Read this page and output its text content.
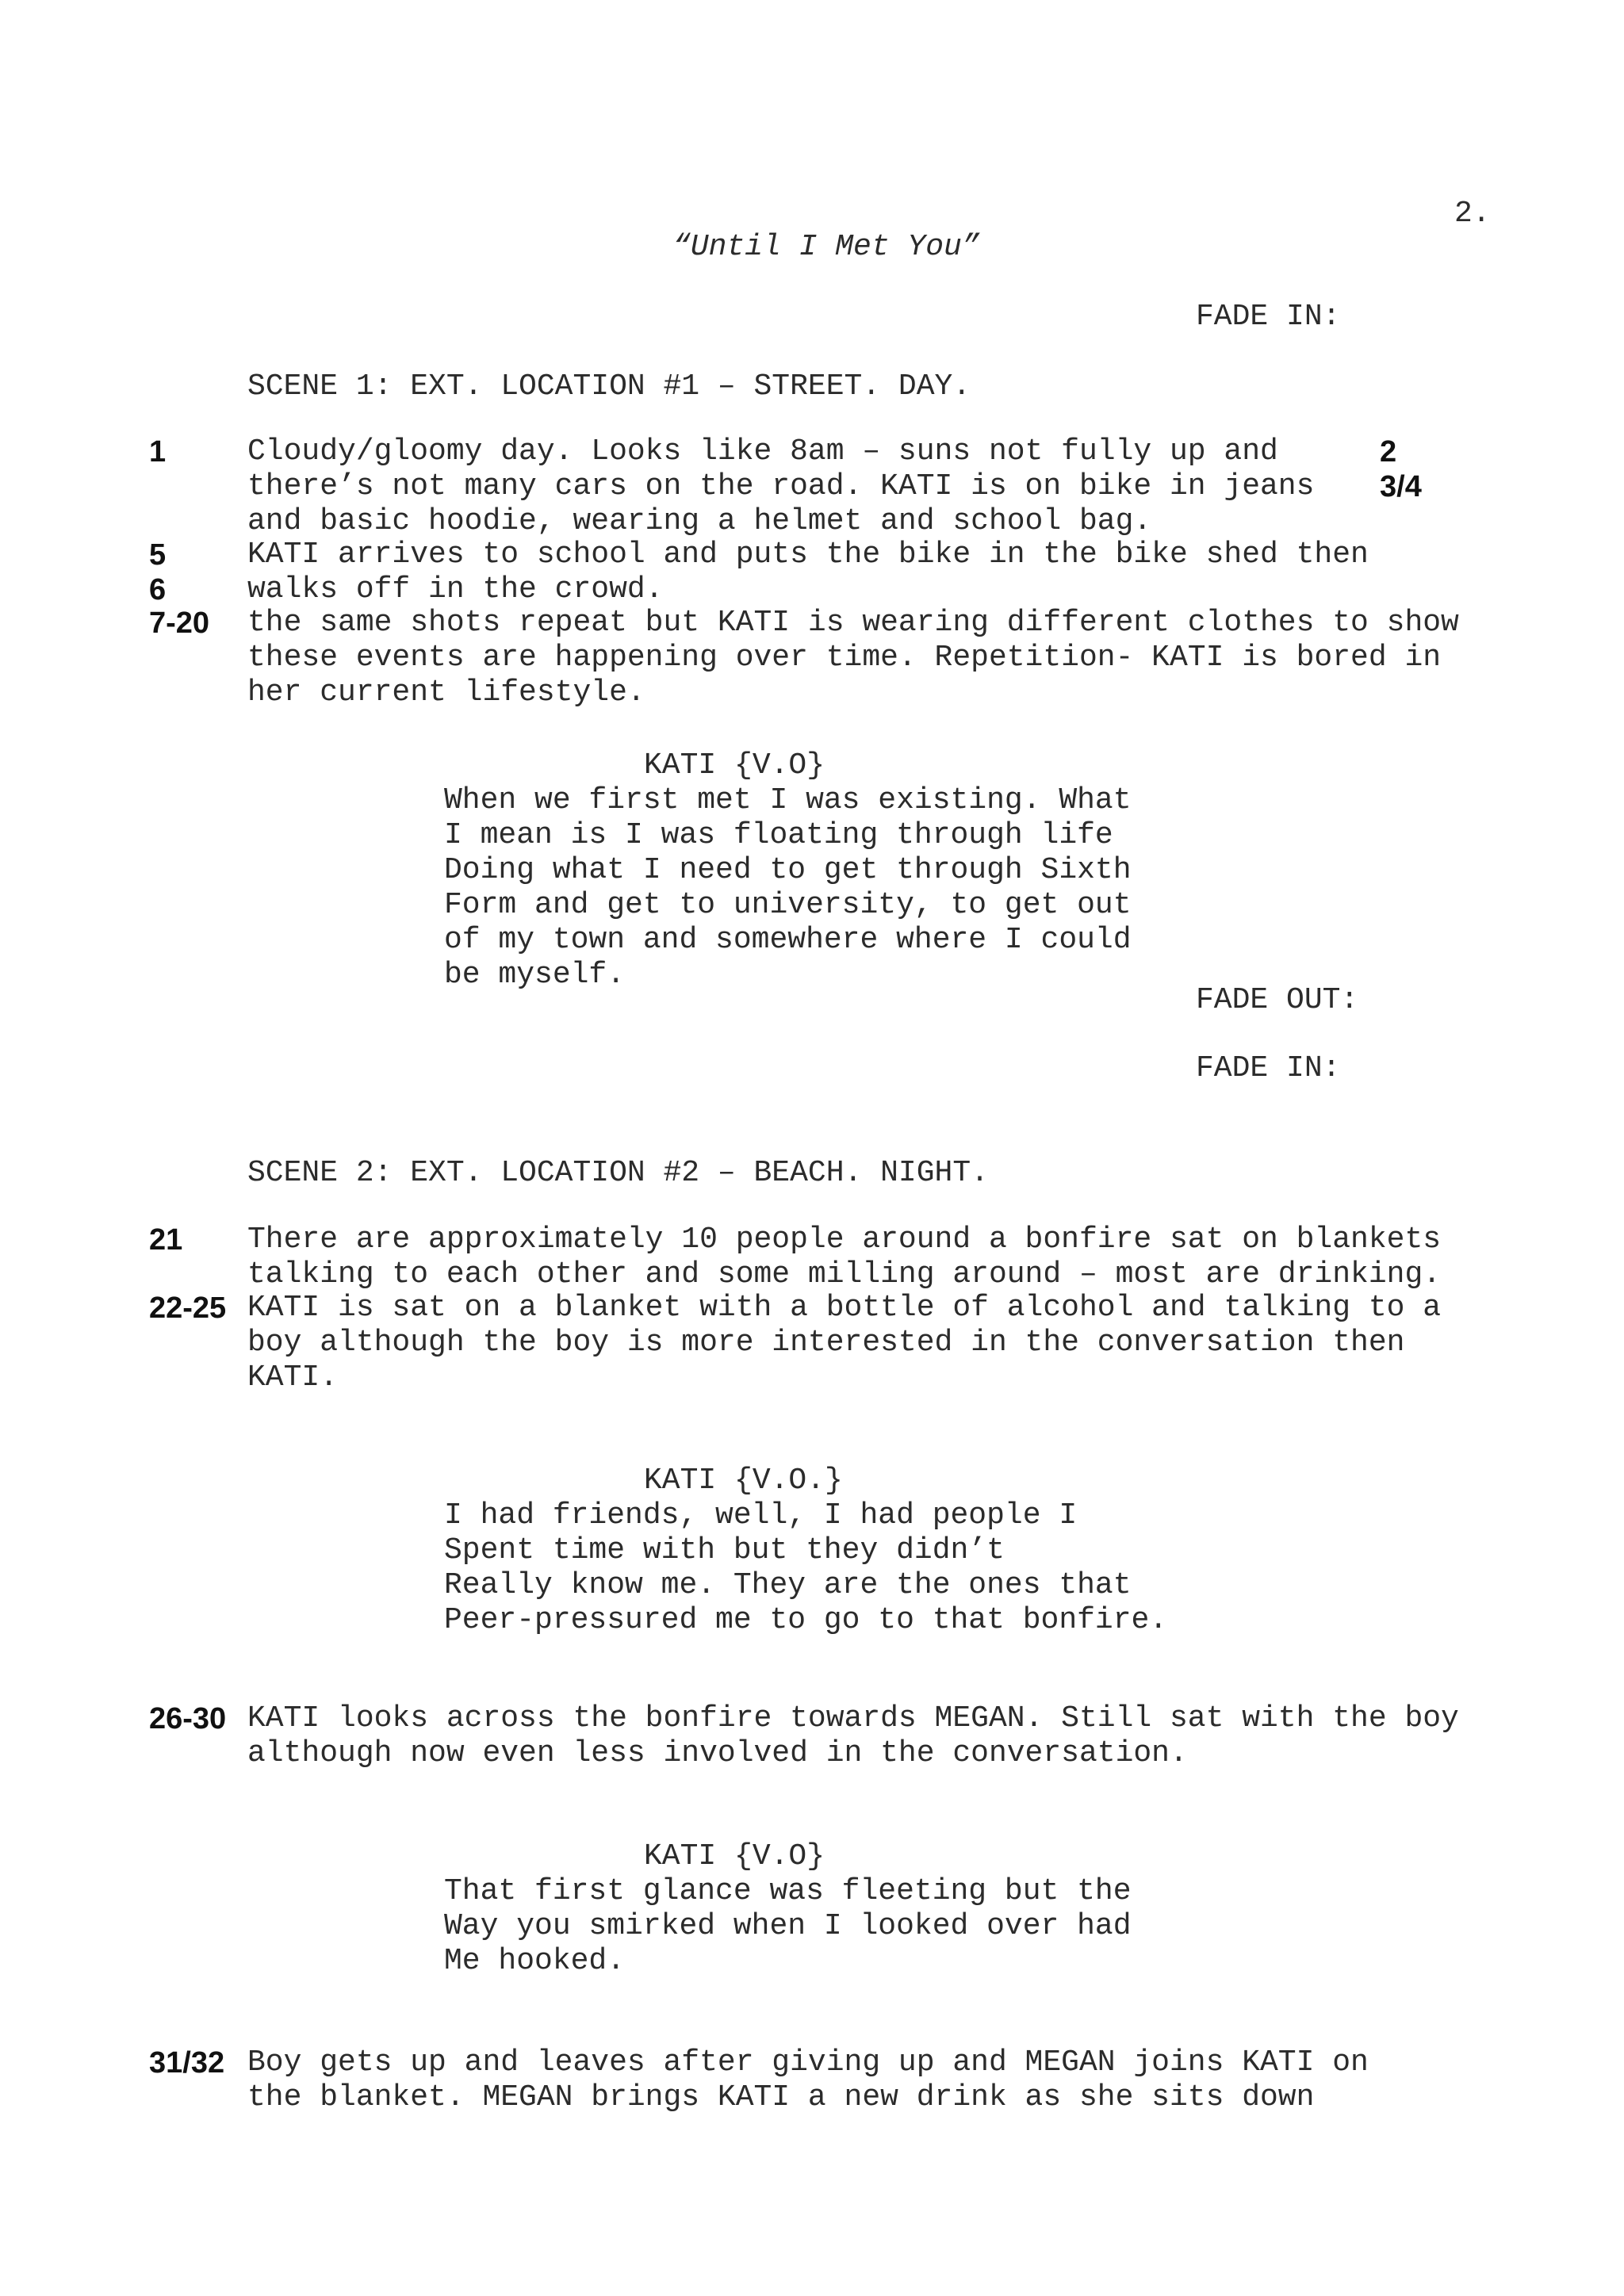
2.
“Until I Met You”
FADE IN:
SCENE 1: EXT. LOCATION #1 – STREET. DAY.
1	2
3/4
5
6
7-20
Cloudy/gloomy day. Looks like 8am – suns not fully up and
there’s not many cars on the road. KATI is on bike in jeans
and basic hoodie, wearing a helmet and school bag.
KATI arrives to school and puts the bike in the bike shed then
walks off in the crowd.
the same shots repeat but KATI is wearing different clothes to show
these events are happening over time. Repetition- KATI is bored in
her current lifestyle.
KATI {V.O}
When we first met I was existing. What
I mean is I was floating through life
Doing what I need to get through Sixth
Form and get to university, to get out
of my town and somewhere where I could
be myself.
FADE OUT:
FADE IN:
SCENE 2: EXT. LOCATION #2 – BEACH. NIGHT.
21
22-25
26-30
31/32
There are approximately 10 people around a bonfire sat on blankets
talking to each other and some milling around – most are drinking.
KATI is sat on a blanket with a bottle of alcohol and talking to a
boy although the boy is more interested in the conversation then
KATI.
KATI {V.O.}
I had friends, well, I had people I
Spent time with but they didn’t
Really know me. They are the ones that
Peer-pressured me to go to that bonfire.
KATI looks across the bonfire towards MEGAN. Still sat with the boy
although now even less involved in the conversation.
KATI {V.O}
That first glance was fleeting but the
Way you smirked when I looked over had
Me hooked.
Boy gets up and leaves after giving up and MEGAN joins KATI on
the blanket. MEGAN brings KATI a new drink as she sits down
